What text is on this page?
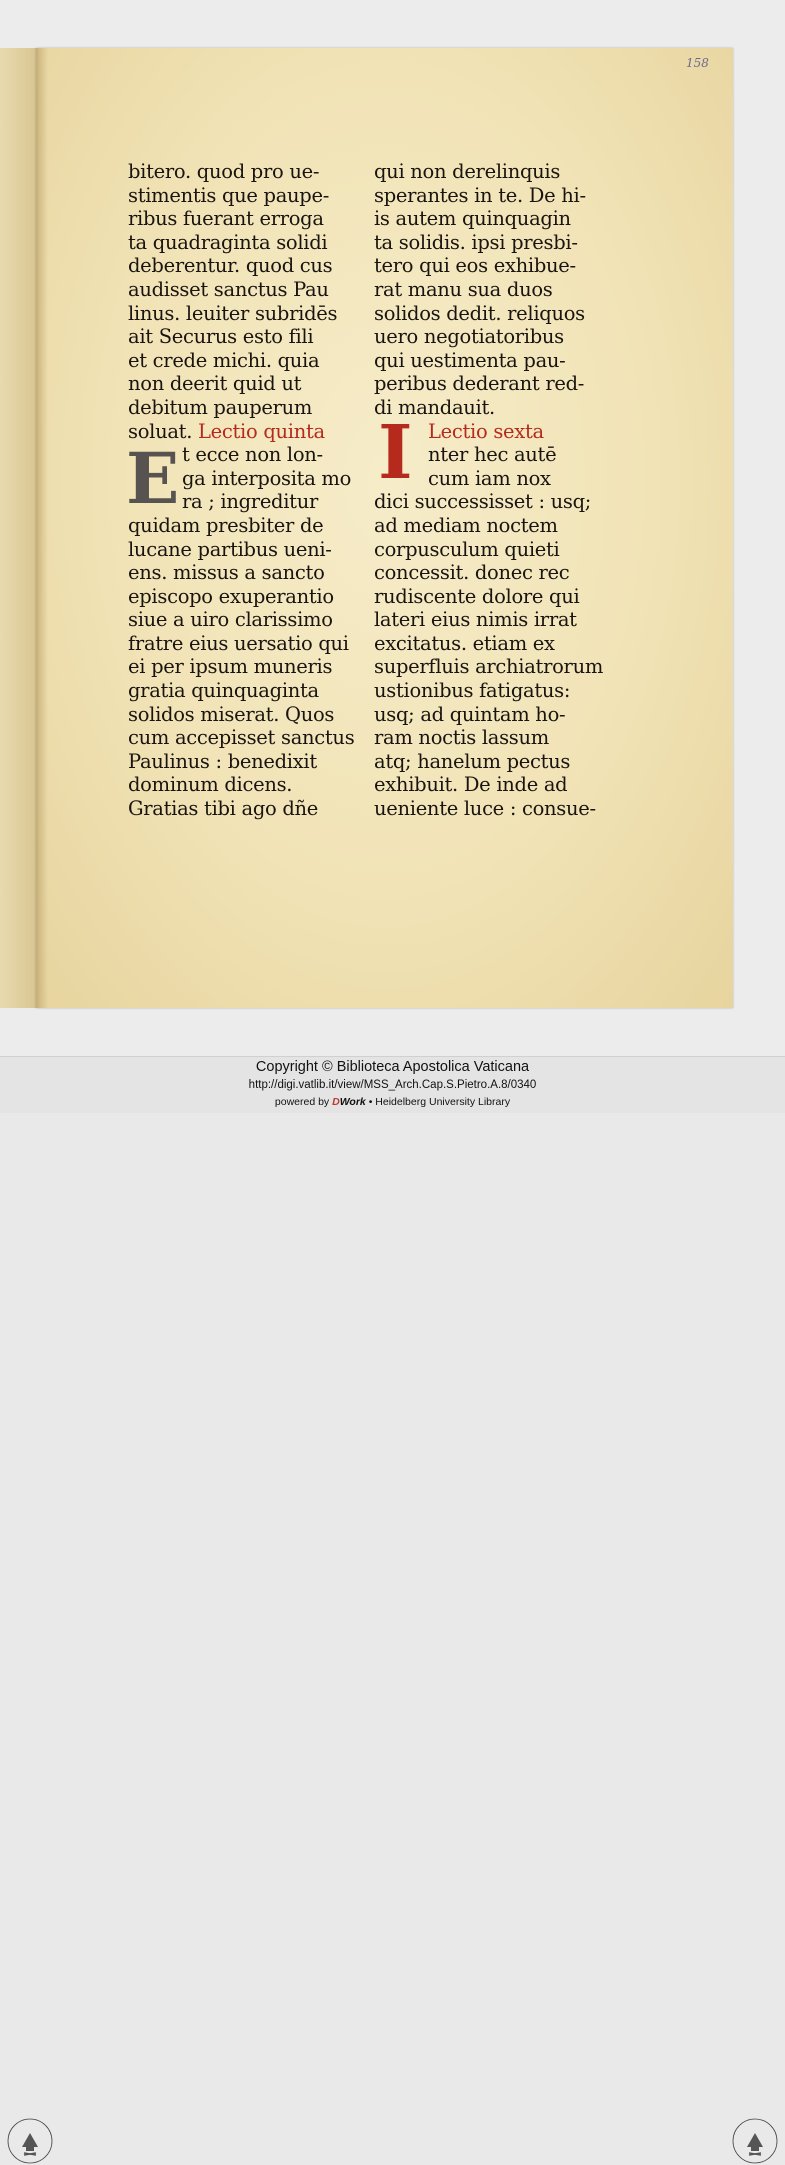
158
E
bitero. quod pro ue-
stimentis que paupe-
ribus fuerant erroga
ta quadraginta solidi
deberentur. quod cus
audisset sanctus Pau
linus. leuiter subridēs
ait Securus esto fili
et crede michi. quia
non deerit quid ut
debitum pauperum
soluat. Lectio quinta
t ecce non lon-
ga interposita mo
ra ; ingreditur
quidam presbiter de
lucane partibus ueni-
ens. missus a sancto
episcopo exuperantio
siue a uiro clarissimo
fratre eius uersatio qui
ei per ipsum muneris
gratia quinquaginta
solidos miserat. Quos
cum accepisset sanctus
Paulinus : benedixit
dominum dicens.
Gratias tibi ago dñe
I
qui non derelinquis
sperantes in te. De hi-
is autem quinquagin
ta solidis. ipsi presbi-
tero qui eos exhibue-
rat manu sua duos
solidos dedit. reliquos
uero negotiatoribus
qui uestimenta pau-
peribus dederant red-
di mandauit.
Lectio sexta
nter hec autē
cum iam nox
dici successisset : usq;
ad mediam noctem
corpusculum quieti
concessit. donec rec
rudiscente dolore qui
lateri eius nimis irrat
excitatus. etiam ex
superfluis archiatrorum
ustionibus fatigatus:
usq; ad quintam ho-
ram noctis lassum
atq; hanelum pectus
exhibuit. De inde ad
ueniente luce : consue-
Copyright © Biblioteca Apostolica Vaticana
http://digi.vatlib.it/view/MSS_Arch.Cap.S.Pietro.A.8/0340
powered by DWork • Heidelberg University Library
